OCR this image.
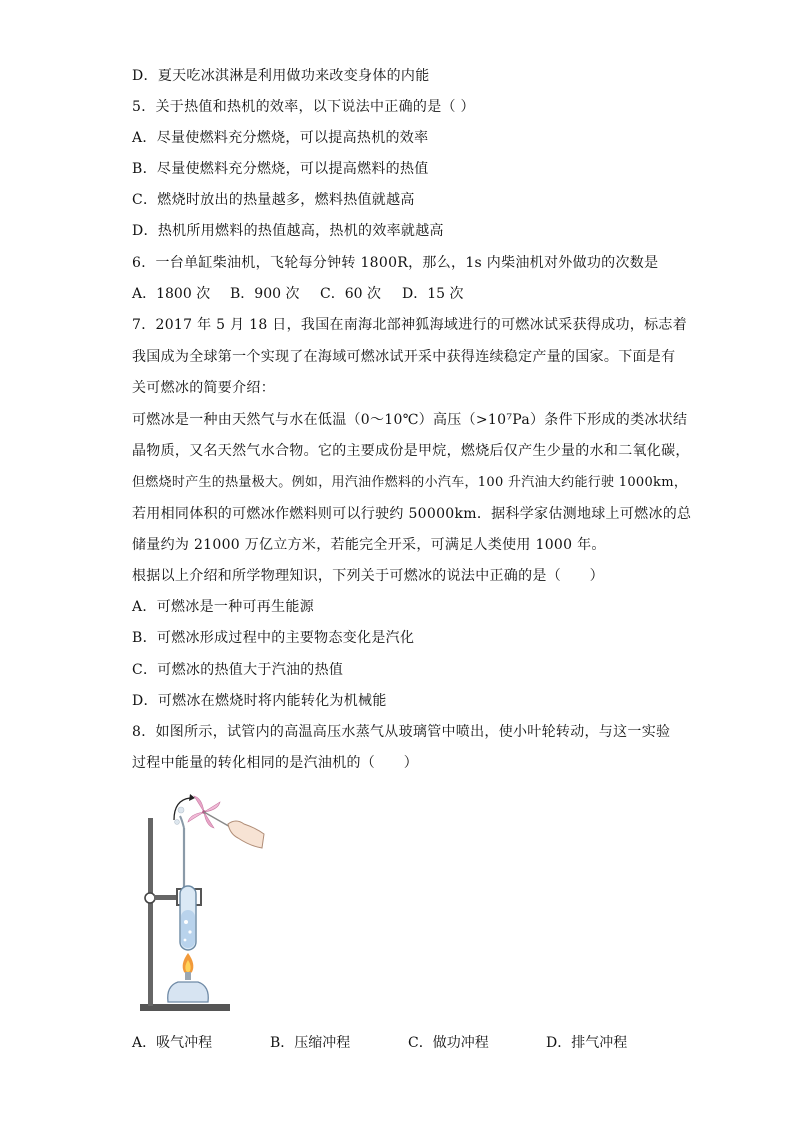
D．夏天吃冰淇淋是利用做功来改变身体的内能
5．关于热值和热机的效率，以下说法中正确的是（ ）
A．尽量使燃料充分燃烧，可以提高热机的效率
B．尽量使燃料充分燃烧，可以提高燃料的热值
C．燃烧时放出的热量越多，燃料热值就越高
D．热机所用燃料的热值越高，热机的效率就越高
6．一台单缸柴油机，飞轮每分钟转 1800R，那么，1s 内柴油机对外做功的次数是
A．1800 次 B．900 次 C．60 次 D．15 次
7．2017 年 5 月 18 日，我国在南海北部神狐海域进行的可燃冰试采获得成功，标志着
我国成为全球第一个实现了在海域可燃冰试开采中获得连续稳定产量的国家。下面是有
关可燃冰的简要介绍：
可燃冰是一种由天然气与水在低温（0～10℃）高压（>10⁷Pa）条件下形成的类冰状结
晶物质，又名天然气水合物。它的主要成份是甲烷，燃烧后仅产生少量的水和二氧化碳，
但燃烧时产生的热量极大。例如，用汽油作燃料的小汽车，100 升汽油大约能行驶 1000km，
若用相同体积的可燃冰作燃料则可以行驶约 50000km．据科学家估测地球上可燃冰的总
储量约为 21000 万亿立方米，若能完全开采，可满足人类使用 1000 年。
根据以上介绍和所学物理知识，下列关于可燃冰的说法中正确的是（　　）
A．可燃冰是一种可再生能源
B．可燃冰形成过程中的主要物态变化是汽化
C．可燃冰的热值大于汽油的热值
D．可燃冰在燃烧时将内能转化为机械能
8．如图所示，试管内的高温高压水蒸气从玻璃管中喷出，使小叶轮转动，与这一实验
过程中能量的转化相同的是汽油机的（　　）
A．吸气冲程	B．压缩冲程	C．做功冲程	D．排气冲程
